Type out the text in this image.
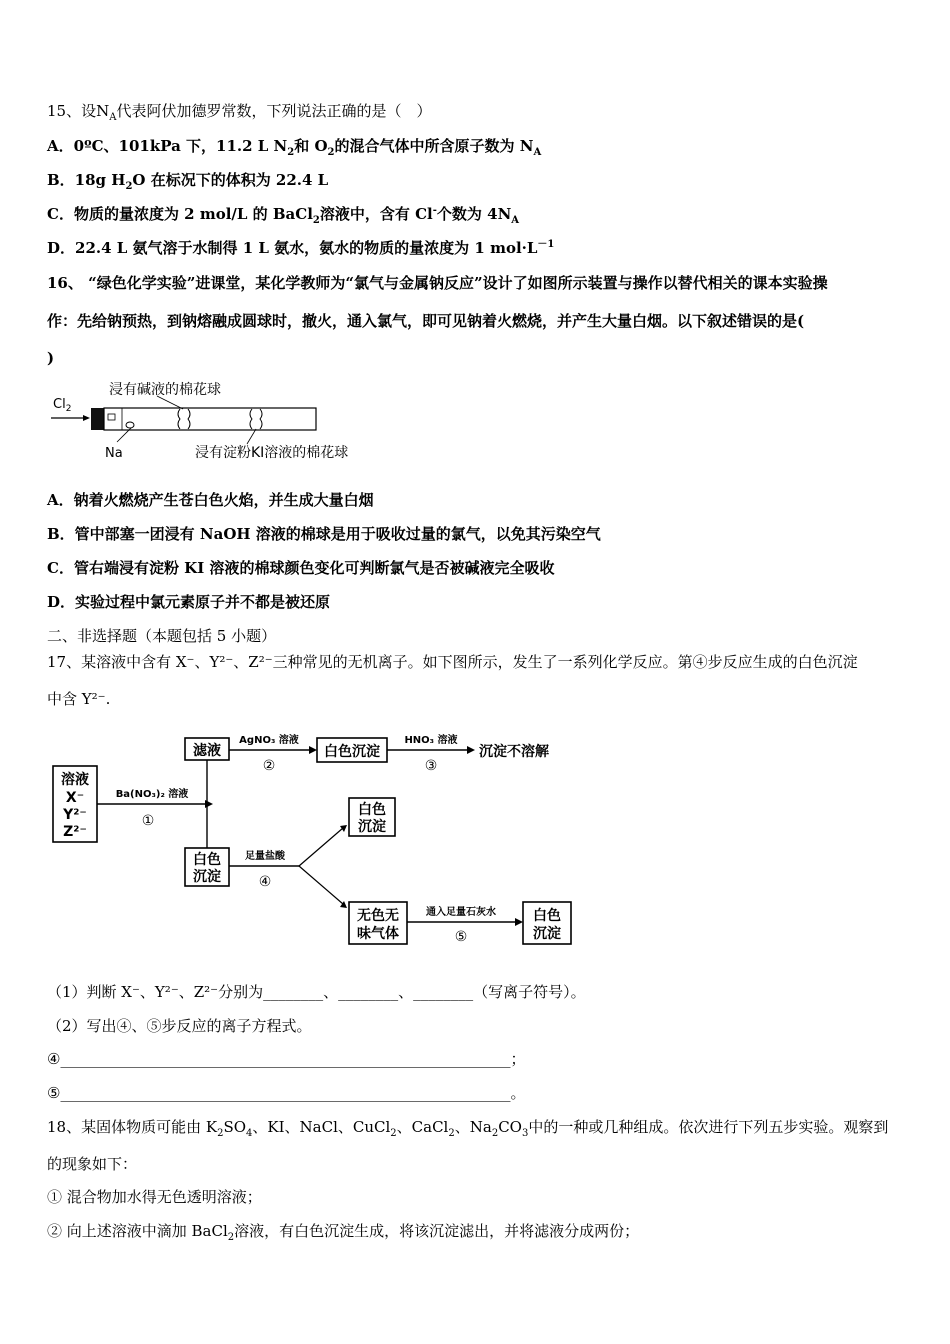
15、设$N_A$代表阿伏加德罗常数，下列说法正确的是（　）
A．0ºC、101kPa 下，11.2 L $N_2$和 $O_2$的混合气体中所含原子数为 $N_A$
B．18g $H_2O$ 在标况下的体积为 22.4 L
C．物质的量浓度为 2 mol/L 的 BaCl$_2$溶液中，含有 Cl-个数为 $4N_A$
D．22.4 L 氨气溶于水制得 1 L 氨水，氨水的物质的量浓度为 1 $mol\cdot L^{-1}$
16、 “绿色化学实验”进课堂，某化学教师为“氯气与金属钠反应”设计了如图所示装置与操作以替代相关的课本实验操
作：先给钠预热，到钠熔融成圆球时，撤火，通入氯气，即可见钠着火燃烧，并产生大量白烟。以下叙述错误的是(
)
$Cl_2$
浸有碱液的棉花球
Na	浸有淀粉KI溶液的棉花球
A．钠着火燃烧产生苍白色火焰，并生成大量白烟
B．管中部塞一团浸有 NaOH 溶液的棉球是用于吸收过量的氯气，以免其污染空气
C．管右端浸有淀粉 KI 溶液的棉球颜色变化可判断氯气是否被碱液完全吸收
D．实验过程中氯元素原子并不都是被还原
二、非选择题（本题包括 5 小题）
17、某溶液中含有 X⁻、Y²⁻、Z²⁻三种常见的无机离子。如下图所示，发生了一系列化学反应。第④步反应生成的白色沉淀
中含 Y²⁻.
溶液
X⁻
Y²⁻
Z²⁻
Ba(NO₃)₂ 溶液
①
滤液
AgNO₃ 溶液
②
白色沉淀
HNO₃ 溶液
③
沉淀不溶解
白色
沉淀
足量盐酸
④
白色
沉淀
无色无
味气体
通入足量石灰水
⑤
白色
沉淀
（1）判断 X⁻、Y²⁻、Z²⁻分别为________、________、________（写离子符号）。
（2）写出④、⑤步反应的离子方程式。
④____________________________________________________________；
⑤____________________________________________________________。
18、某固体物质可能由 $K_2SO_4$、KI、NaCl、CuCl$_2$、CaCl$_2$、$Na_2CO_3$中的一种或几种组成。依次进行下列五步实验。观察到
的现象如下：
① 混合物加水得无色透明溶液；
② 向上述溶液中滴加 BaCl$_2$溶液，有白色沉淀生成，将该沉淀滤出，并将滤液分成两份；
